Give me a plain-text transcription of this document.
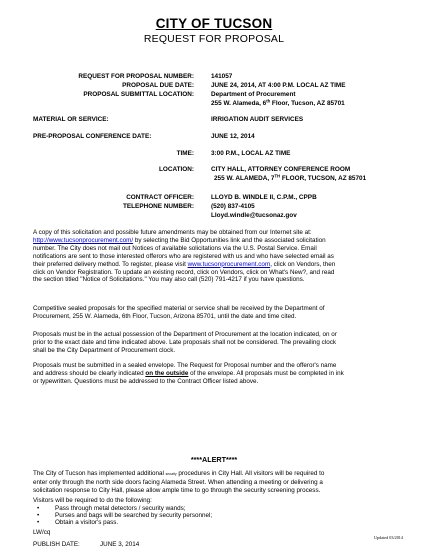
CITY OF TUCSON
REQUEST FOR PROPOSAL
REQUEST FOR PROPOSAL NUMBER:	141057
PROPOSAL DUE DATE:	JUNE 24, 2014, AT 4:00 P.M. LOCAL AZ TIME
PROPOSAL SUBMITTAL LOCATION:	Department of Procurement
255 W. Alameda, 6th Floor, Tucson, AZ 85701
MATERIAL OR SERVICE:	IRRIGATION AUDIT SERVICES
PRE-PROPOSAL CONFERENCE DATE:	JUNE 12, 2014
TIME:	3:00 P.M., LOCAL AZ TIME
LOCATION:	CITY HALL, ATTORNEY CONFERENCE ROOM
255 W. ALAMEDA, 7TH FLOOR, TUCSON, AZ 85701
CONTRACT OFFICER:	LLOYD B. WINDLE II, C.P.M., CPPB
TELEPHONE NUMBER:	(520) 837-4105
Lloyd.windle@tucsonaz.gov
A copy of this solicitation and possible future amendments may be obtained from our Internet site at:
http://www.tucsonprocurement.com/ by selecting the Bid Opportunities link and the associated solicitation
number. The City does not mail out Notices of available solicitations via the U.S. Postal Service. Email
notifications are sent to those interested offerors who are registered with us and who have selected email as
their preferred delivery method. To register, please visit www.tucsonprocurement.com, click on Vendors, then
click on Vendor Registration. To update an existing record, click on Vendors, click on What's New?, and read
the section titled "Notice of Solicitations." You may also call (520) 791-4217 if you have questions.
Competitive sealed proposals for the specified material or service shall be received by the Department of
Procurement, 255 W. Alameda, 6th Floor, Tucson, Arizona 85701, until the date and time cited.
Proposals must be in the actual possession of the Department of Procurement at the location indicated, on or
prior to the exact date and time indicated above. Late proposals shall not be considered. The prevailing clock
shall be the City Department of Procurement clock.
Proposals must be submitted in a sealed envelope. The Request for Proposal number and the offeror's name
and address should be clearly indicated on the outside of the envelope. All proposals must be completed in ink
or typewritten. Questions must be addressed to the Contract Officer listed above.
****ALERT****
The City of Tucson has implemented additional security procedures in City Hall. All visitors will be required to
enter only through the north side doors facing Alameda Street. When attending a meeting or delivering a
solicitation response to City Hall, please allow ample time to go through the security screening process.
Visitors will be required to do the following:
•	Pass through metal detectors / security wands;
•	Purses and bags will be searched by security personnel;
•	Obtain a visitor's pass.
LW/cq
PUBLISH DATE:	JUNE 3, 2014
Updated 03/2014
